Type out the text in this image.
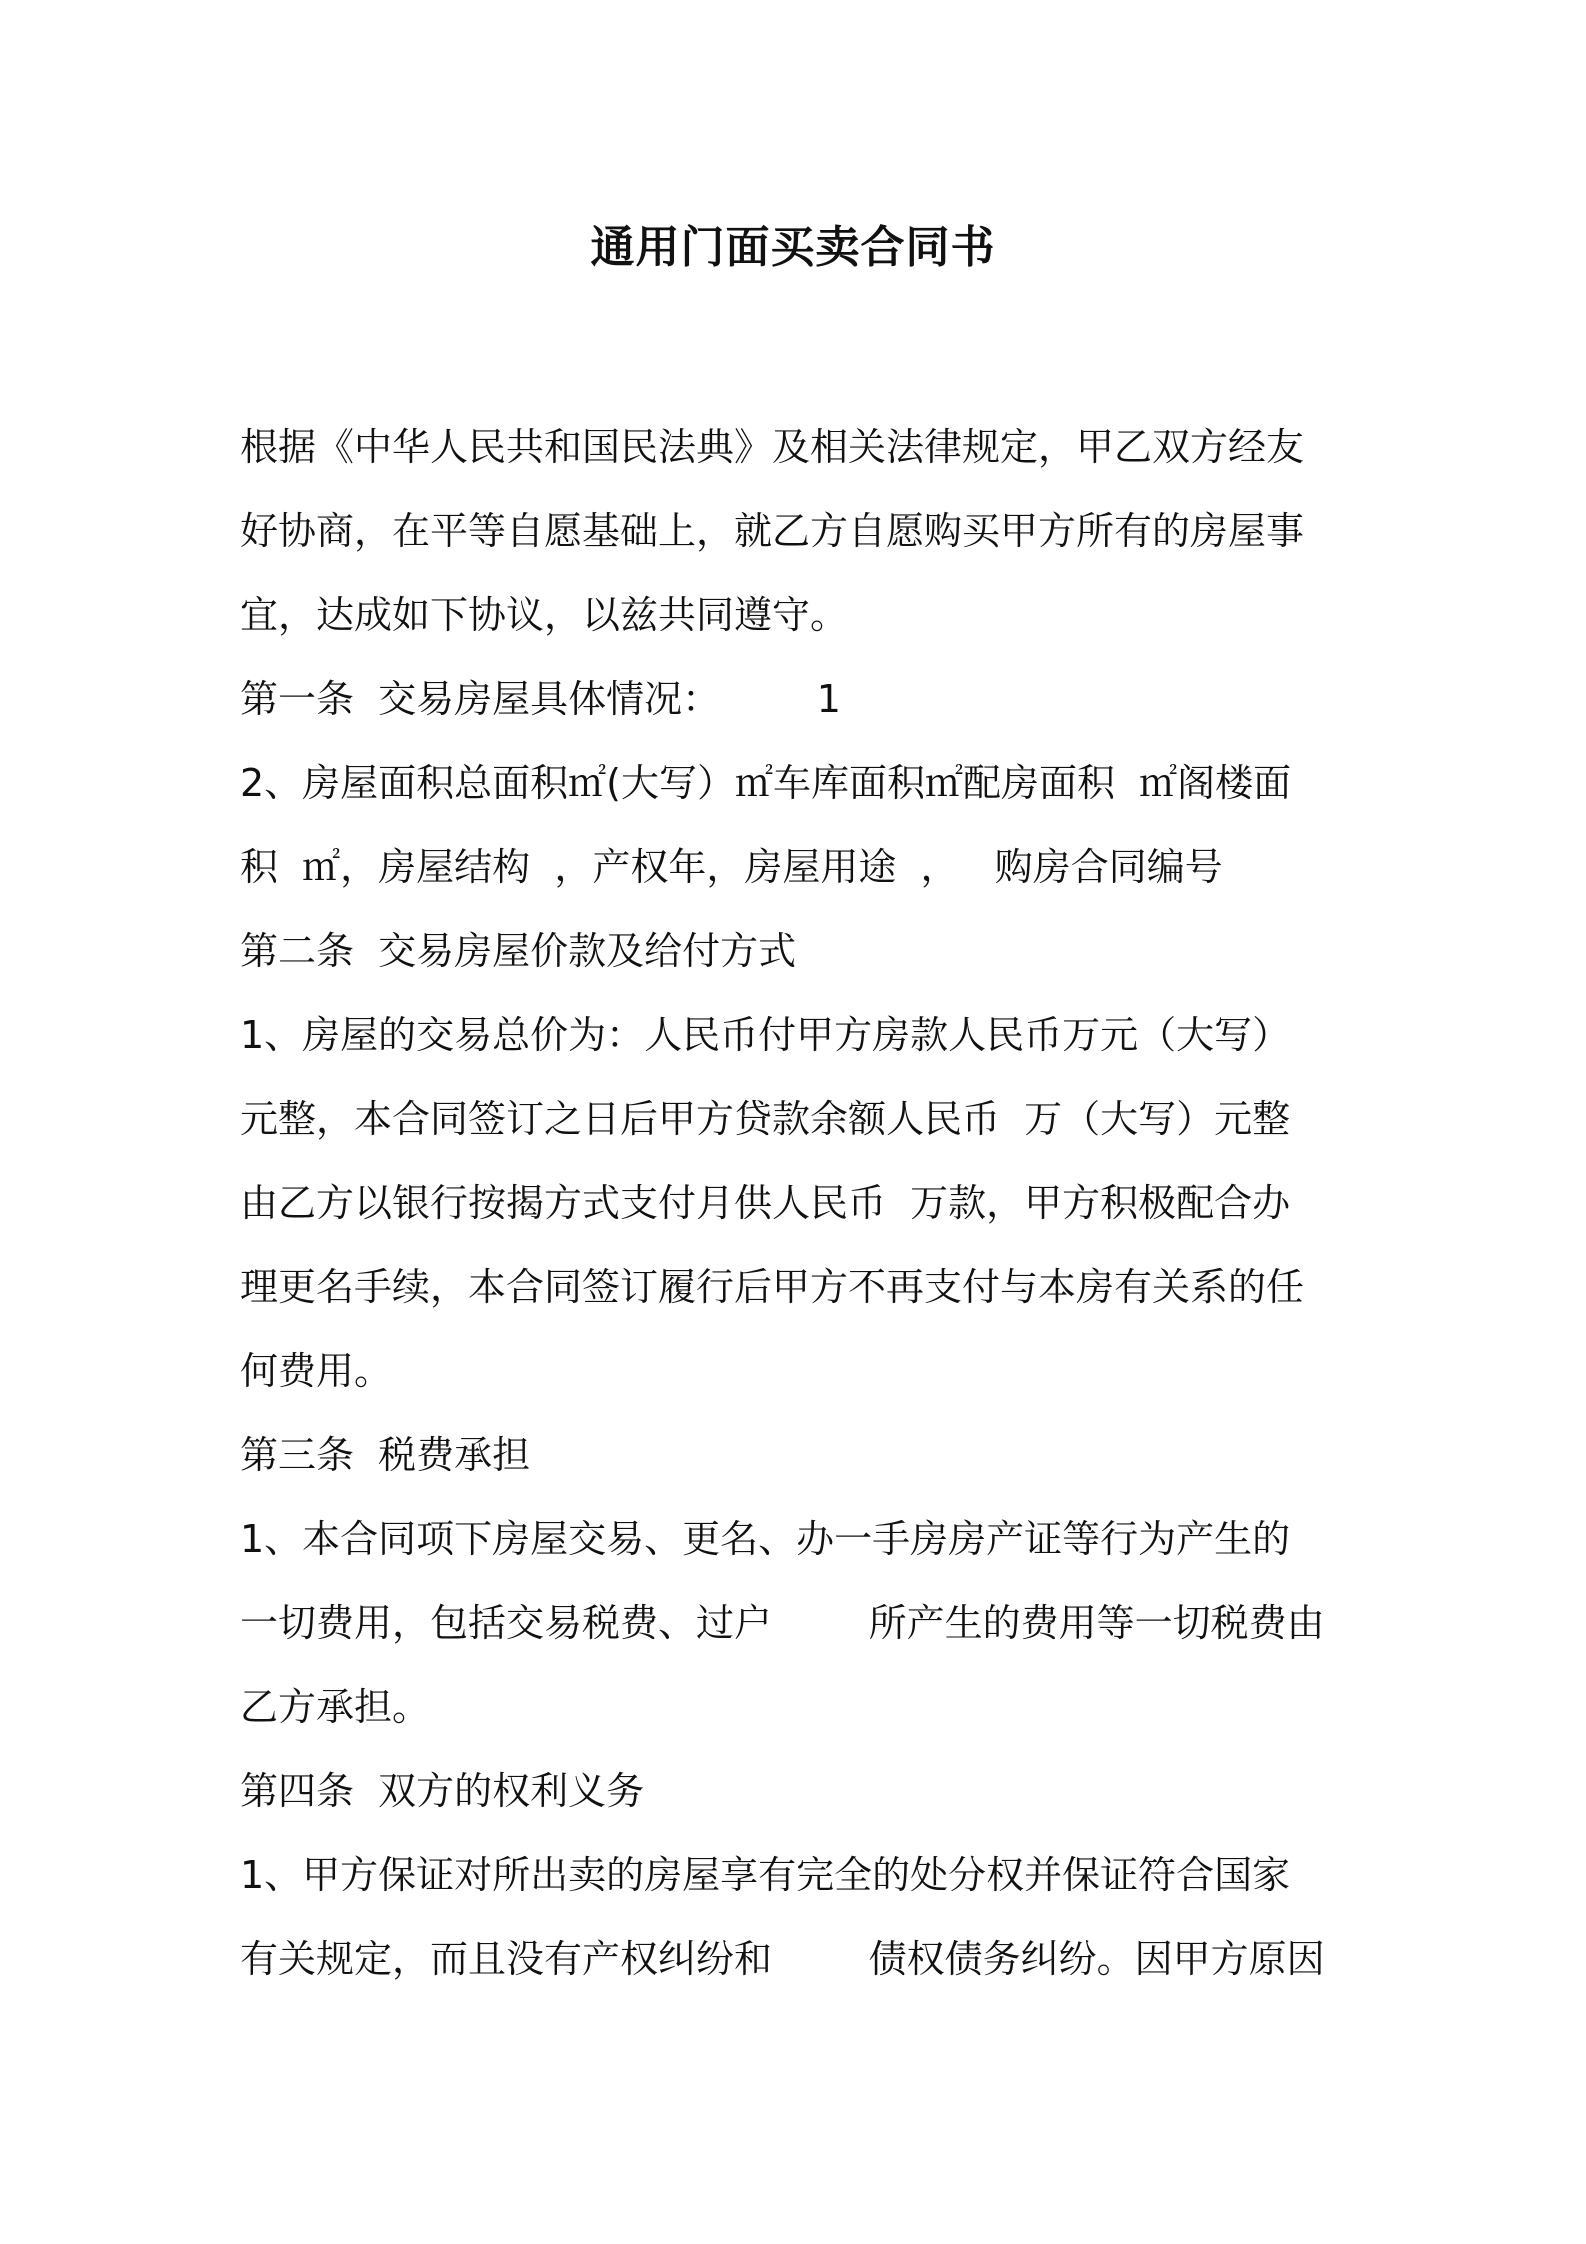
通用门面买卖合同书
根据《中华人民共和国民法典》及相关法律规定，甲乙双方经友
好协商，在平等自愿基础上，就乙方自愿购买甲方所有的房屋事
宜，达成如下协议，以兹共同遵守。
第一条  交易房屋具体情况：        1
2、房屋面积总面积㎡(大写）㎡车库面积㎡配房面积  ㎡阁楼面
积  ㎡，房屋结构  ，产权年，房屋用途  ，   购房合同编号
第二条  交易房屋价款及给付方式
1、房屋的交易总价为：人民币付甲方房款人民币万元（大写）
元整，本合同签订之日后甲方贷款余额人民币  万（大写）元整
由乙方以银行按揭方式支付月供人民币  万款，甲方积极配合办
理更名手续，本合同签订履行后甲方不再支付与本房有关系的任
何费用。
第三条  税费承担
1、本合同项下房屋交易、更名、办一手房房产证等行为产生的
一切费用，包括交易税费、过户        所产生的费用等一切税费由
乙方承担。
第四条  双方的权利义务
1、甲方保证对所出卖的房屋享有完全的处分权并保证符合国家
有关规定，而且没有产权纠纷和        债权债务纠纷。因甲方原因
